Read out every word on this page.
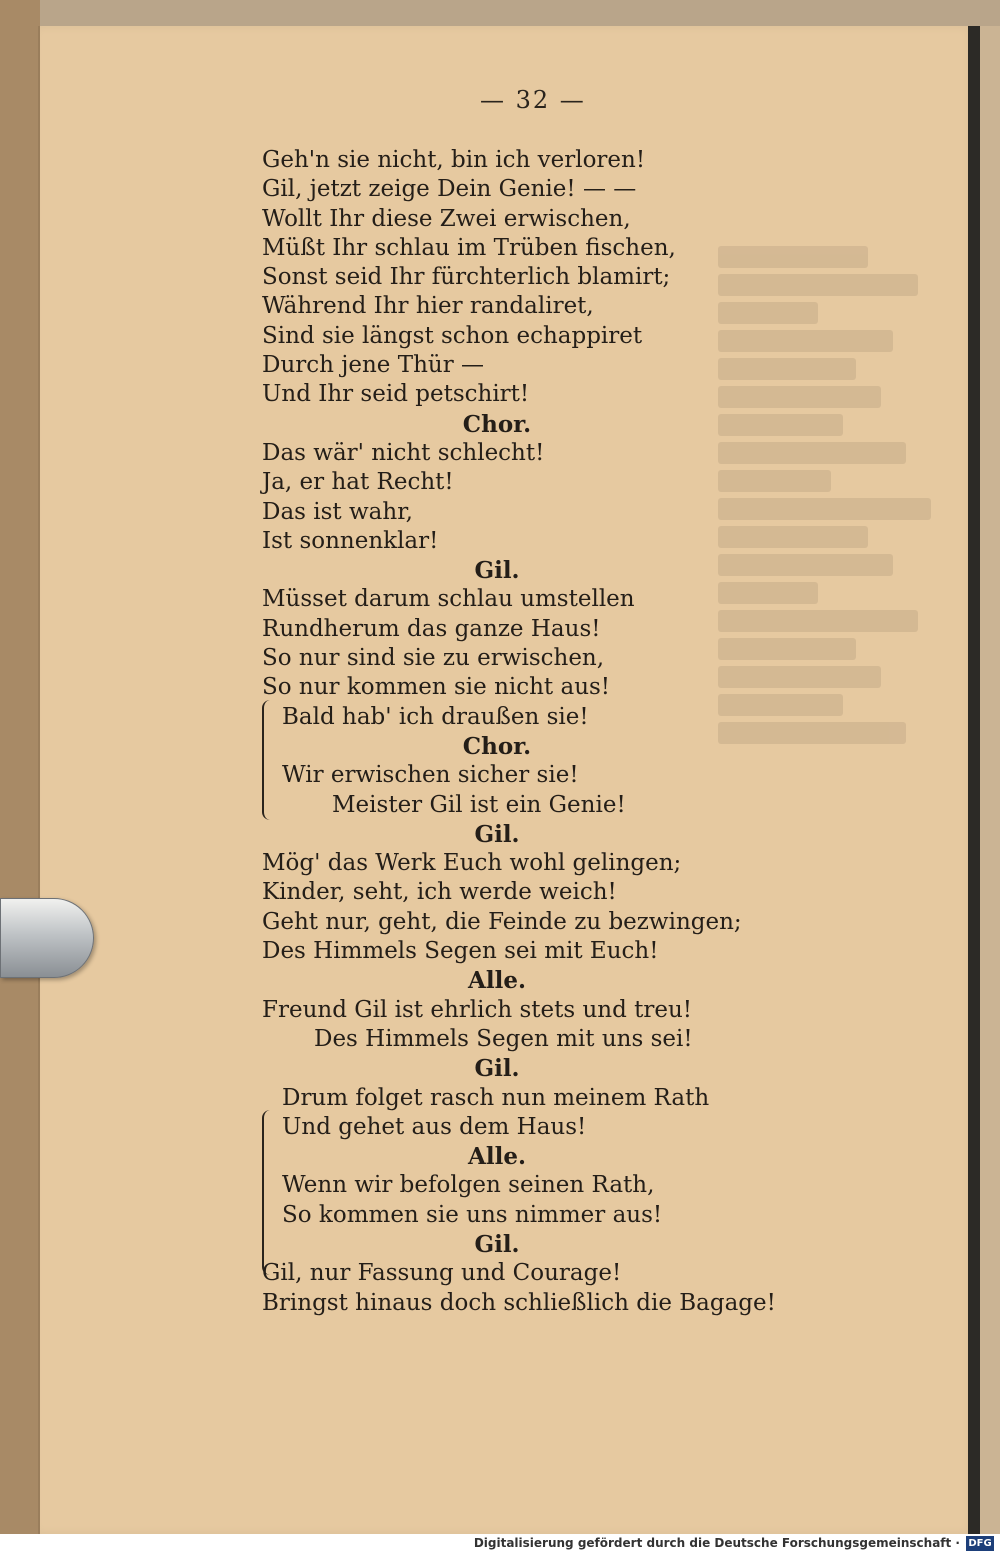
— 32 —
Geh'n sie nicht, bin ich verloren!
Gil, jetzt zeige Dein Genie! — —
Wollt Ihr diese Zwei erwischen,
Müßt Ihr schlau im Trüben fischen,
Sonst seid Ihr fürchterlich blamirt;
Während Ihr hier randaliret,
Sind sie längst schon echappiret
Durch jene Thür —
Und Ihr seid petschirt!
Chor.
Das wär' nicht schlecht!
Ja, er hat Recht!
Das ist wahr,
Ist sonnenklar!
Gil.
Müsset darum schlau umstellen
Rundherum das ganze Haus!
So nur sind sie zu erwischen,
So nur kommen sie nicht aus!
Bald hab' ich draußen sie!
Chor.
Wir erwischen sicher sie!
Meister Gil ist ein Genie!
Gil.
Mög' das Werk Euch wohl gelingen;
Kinder, seht, ich werde weich!
Geht nur, geht, die Feinde zu bezwingen;
Des Himmels Segen sei mit Euch!
Alle.
Freund Gil ist ehrlich stets und treu!
Des Himmels Segen mit uns sei!
Gil.
Drum folget rasch nun meinem Rath
Und gehet aus dem Haus!
Alle.
Wenn wir befolgen seinen Rath,
So kommen sie uns nimmer aus!
Gil.
Gil, nur Fassung und Courage!
Bringst hinaus doch schließlich die Bagage!
Digitalisierung gefördert durch die Deutsche Forschungsgemeinschaft · DFG
